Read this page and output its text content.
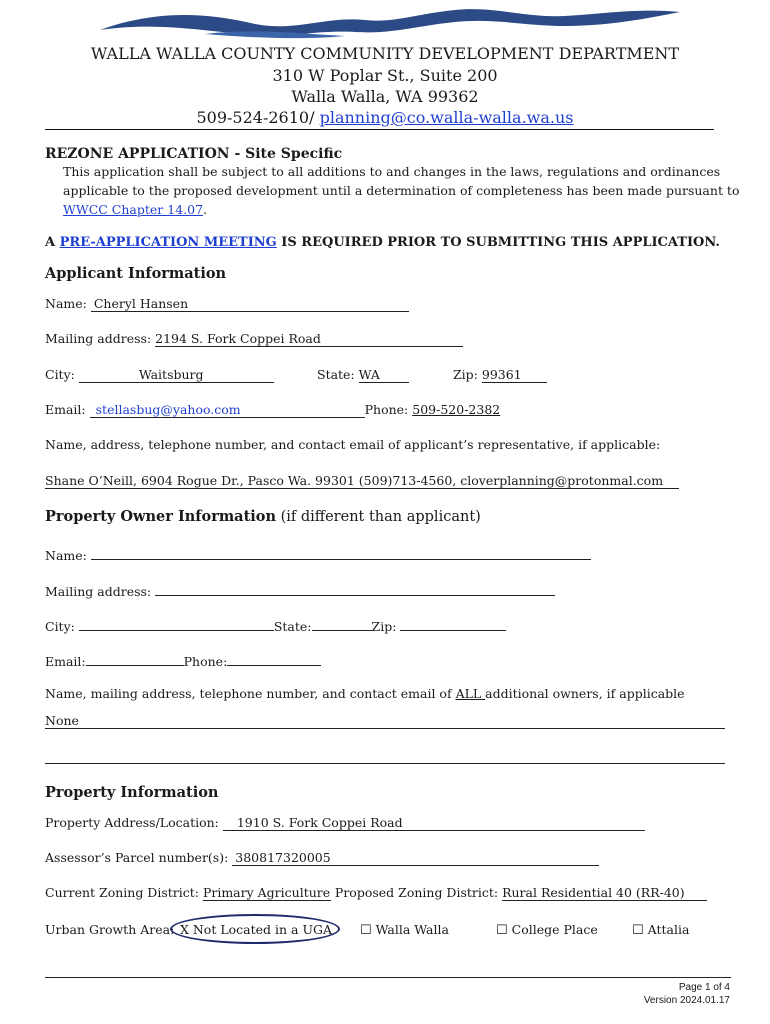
WALLA WALLA COUNTY COMMUNITY DEVELOPMENT DEPARTMENT
310 W Poplar St., Suite 200
Walla Walla, WA 99362
509-524-2610/ planning@co.walla-walla.wa.us
REZONE APPLICATION - Site Specific
This application shall be subject to all additions to and changes in the laws, regulations and ordinances
applicable to the proposed development until a determination of completeness has been made pursuant to
WWCC Chapter 14.07.
A PRE-APPLICATION MEETING IS REQUIRED PRIOR TO SUBMITTING THIS APPLICATION.
Applicant Information
Name: Cheryl Hansen
Mailing address: 2194 S. Fork Coppei Road
City:	Waitsburg	State: WA	Zip: 99361
Email: stellasbug@yahoo.com	Phone: 509-520-2382
Name, address, telephone number, and contact email of applicant’s representative, if applicable:
Shane O’Neill, 6904 Rogue Dr., Pasco Wa. 99301 (509)713-4560, cloverplanning@protonmal.com
Property Owner Information (if different than applicant)
Name:
Mailing address:
City:	State:	Zip:
Email:	Phone:
Name, mailing address, telephone number, and contact email of ALL additional owners, if applicable
None
Property Information
Property Address/Location: 1910 S. Fork Coppei Road
Assessor’s Parcel number(s): 380817320005
Current Zoning District: Primary Agriculture Proposed Zoning District: Rural Residential 40 (RR-40)
Urban Growth Area: X Not Located in a UGA ☐ Walla Walla	☐ College Place	☐ Attalia
Page 1 of 4
Version 2024.01.17
